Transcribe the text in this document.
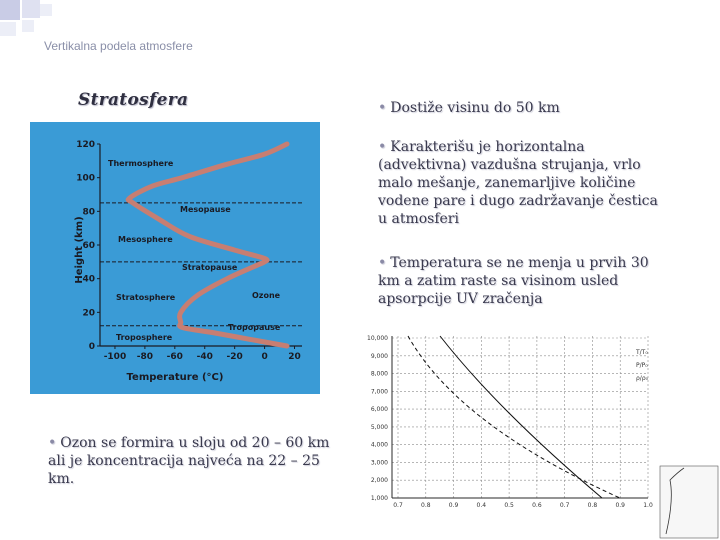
Vertikalna podela atmosfere
Stratosfera	• Dostiže visinu do 50 km
• Karakterišu je horizontalna (advektivna) vazdušna strujanja, vrlo malo mešanje, zanemarljive količine vodene pare i dugo zadržavanje čestica u atmosferi
• Temperatura se ne menja u prvih 30 km a zatim raste sa visinom usled apsorpcije UV zračenja
• Ozon se formira u sloju od 20 – 60 km ali je koncentracija najveća na 22 – 25 km.
-100 -80 -60 -40 -20 0 20
0
20
40
60
80
100
120
Temperature (°C)
Height (km)
Thermosphere
Mesosphere
Stratosphere
Troposphere
Mesopause
Stratopause
Tropopause
Ozone
10,000
9,000
8,000
7,000
6,000
5,000
4,000
3,000
2,000
1,000
0.7	0.8	0.9	0.4	0.5	0.6	0.7	0.8	0.9	1.0
T/T₀
P/P₀
ρ/ρ₀
